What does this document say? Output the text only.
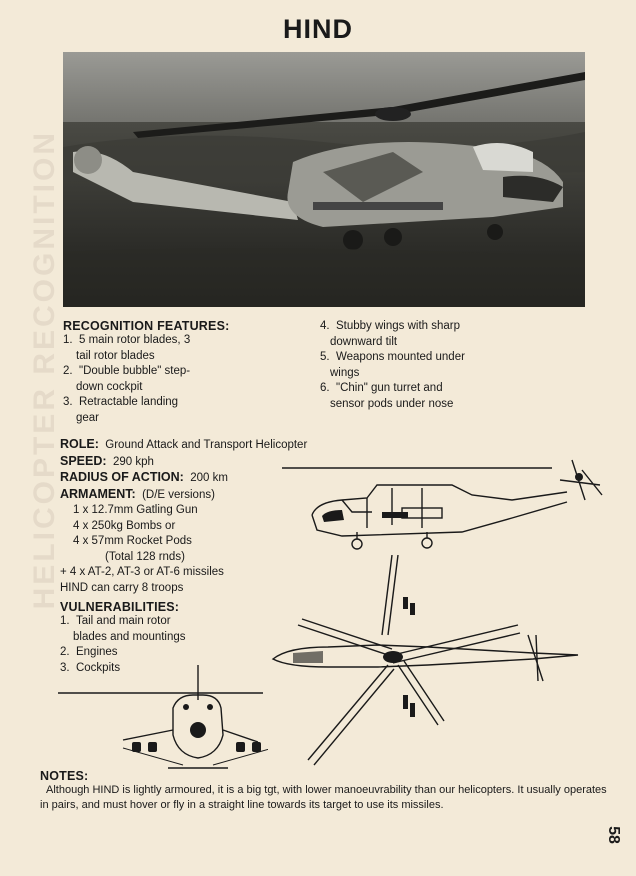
HELICOPTER RECOGNITION
HIND
RECOGNITION FEATURES:
1. 5 main rotor blades, 3
tail rotor blades
2. "Double bubble" step-
down cockpit
3. Retractable landing
gear
4. Stubby wings with sharp
downward tilt
5. Weapons mounted under
wings
6. "Chin" gun turret and
sensor pods under nose
ROLE: Ground Attack and Transport Helicopter
SPEED: 290 kph
RADIUS OF ACTION: 200 km
ARMAMENT: (D/E versions)
1 x 12.7mm Gatling Gun
4 x 250kg Bombs or
4 x 57mm Rocket Pods
(Total 128 rnds)
+ 4 x AT-2, AT-3 or AT-6 missiles
HIND can carry 8 troops
VULNERABILITIES:
1. Tail and main rotor
blades and mountings
2. Engines
3. Cockpits
NOTES:
Although HIND is lightly armoured, it is a big tgt, with lower manoeuvrability than our helicopters. It usually operates in pairs, and must hover or fly in a straight line towards its target to use its missiles.
58
